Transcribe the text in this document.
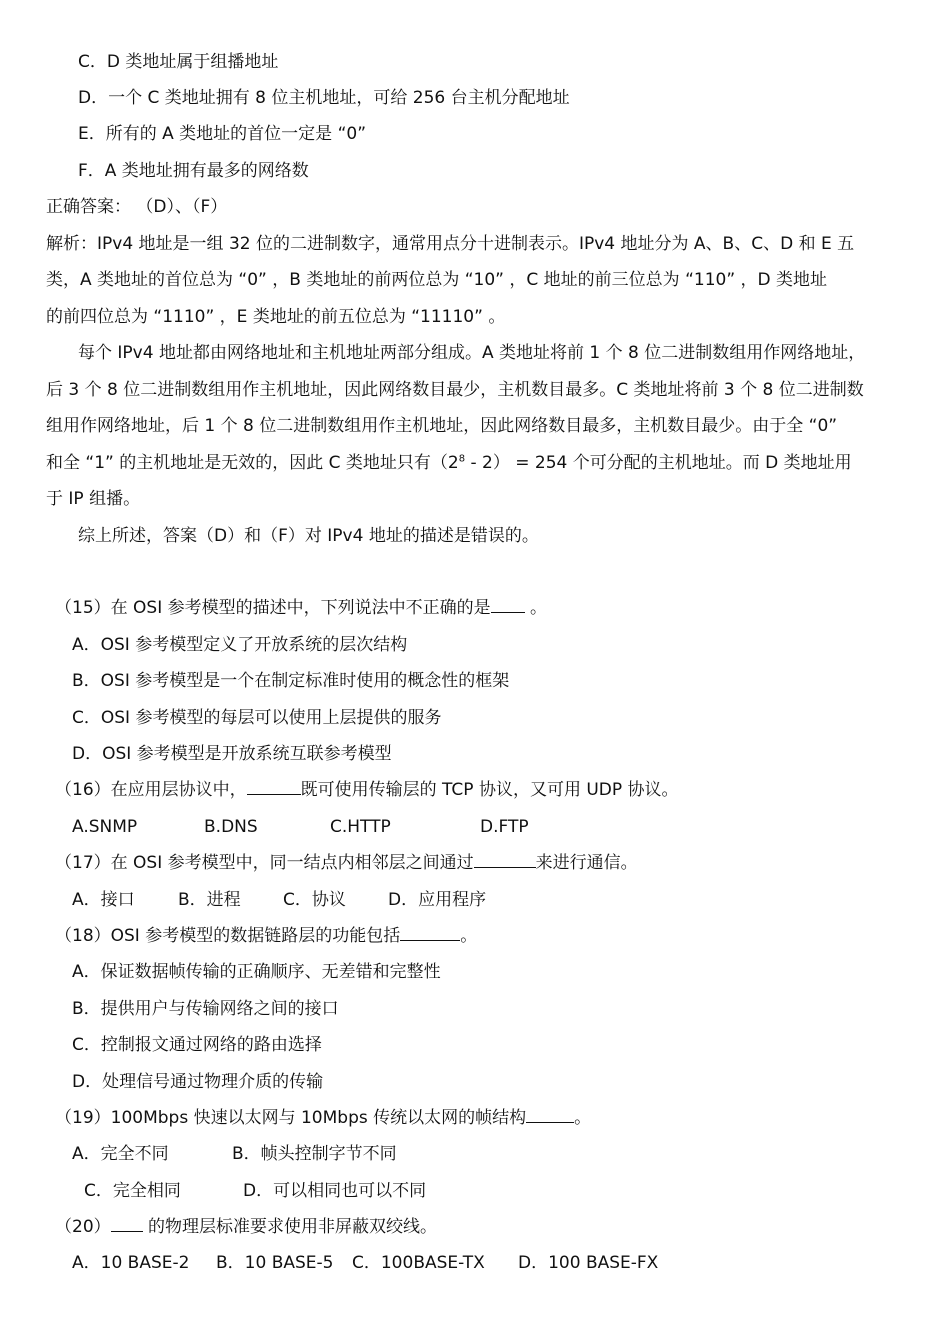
C．D 类地址属于组播地址
D．一个 C 类地址拥有 8 位主机地址，可给 256 台主机分配地址
E．所有的 A 类地址的首位一定是 “0”
F．A 类地址拥有最多的网络数
正确答案： （D）、（F）
解析：IPv4 地址是一组 32 位的二进制数字，通常用点分十进制表示。IPv4 地址分为 A、B、C、D 和 E 五
类，A 类地址的首位总为 “0” ，B 类地址的前两位总为 “10” ，C 地址的前三位总为 “110” ，D 类地址
的前四位总为 “1110” ，E 类地址的前五位总为 “11110” 。
每个 IPv4 地址都由网络地址和主机地址两部分组成。A 类地址将前 1 个 8 位二进制数组用作网络地址，
后 3 个 8 位二进制数组用作主机地址，因此网络数目最少，主机数目最多。C 类地址将前 3 个 8 位二进制数
组用作网络地址，后 1 个 8 位二进制数组用作主机地址，因此网络数目最多，主机数目最少。由于全 “0”
和全 “1” 的主机地址是无效的，因此 C 类地址只有$(2^8 - 2) = 254$ 个可分配的主机地址。而 D 类地址用
于 IP 组播。
综上所述，答案（D）和（F）对 IPv4 地址的描述是错误的。
（15）在 OSI 参考模型的描述中，下列说法中不正确的是 。
A．OSI 参考模型定义了开放系统的层次结构
B．OSI 参考模型是一个在制定标准时使用的概念性的框架
C．OSI 参考模型的每层可以使用上层提供的服务
D．OSI 参考模型是开放系统互联参考模型
（16）在应用层协议中，	既可使用传输层的 TCP 协议，又可用 UDP 协议。
A.SNMP	B.DNS	C.HTTP	D.FTP
（17）在 OSI 参考模型中，同一结点内相邻层之间通过	来进行通信。
A．接口	B．进程 C．协议 D．应用程序
（18）OSI 参考模型的数据链路层的功能包括	。
A．保证数据帧传输的正确顺序、无差错和完整性
B．提供用户与传输网络之间的接口
C．控制报文通过网络的路由选择
D．处理信号通过物理介质的传输
（19）100Mbps 快速以太网与 10Mbps 传统以太网的帧结构	。
A．完全不同	B．帧头控制字节不同
C．完全相同	D．可以相同也可以不同
（20） 的物理层标准要求使用非屏蔽双绞线。
A．10 BASE-2 B．10 BASE-5 C．100BASE-TX D．100 BASE-FX
